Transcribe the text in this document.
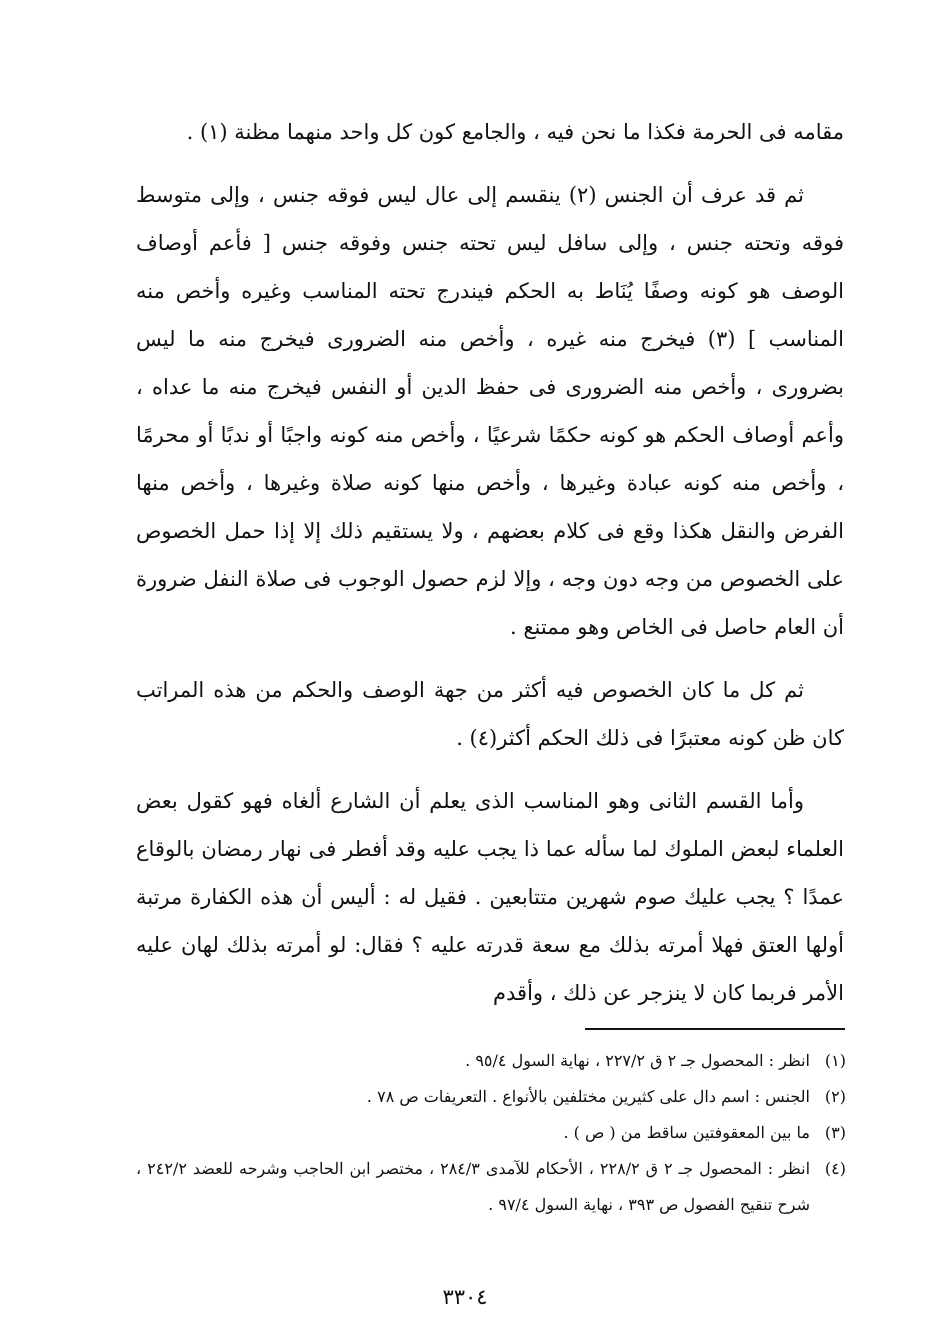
مقامه فى الحرمة فكذا ما نحن فيه ، والجامع كون كل واحد منهما مظنة (١) .

ثم قد عرف أن الجنس (٢) ينقسم إلى عال ليس فوقه جنس ، وإلى متوسط فوقه وتحته جنس ، وإلى سافل ليس تحته جنس وفوقه جنس [ فأعم أوصاف الوصف هو كونه وصفًا يُنَاط به الحكم فيندرج تحته المناسب وغيره وأخص منه المناسب ] (٣) فيخرج منه غيره ، وأخص منه الضرورى فيخرج منه ما ليس بضرورى ، وأخص منه الضرورى فى حفظ الدين أو النفس فيخرج منه ما عداه ، وأعم أوصاف الحكم هو كونه حكمًا شرعيًا ، وأخص منه كونه واجبًا أو ندبًا أو محرمًا ، وأخص منه كونه عبادة وغيرها ، وأخص منها كونه صلاة وغيرها ، وأخص منها الفرض والنقل هكذا وقع فى كلام بعضهم ، ولا يستقيم ذلك إلا إذا حمل الخصوص على الخصوص من وجه دون وجه ، وإلا لزم حصول الوجوب فى صلاة النفل ضرورة أن العام حاصل فى الخاص وهو ممتنع .

ثم كل ما كان الخصوص فيه أكثر من جهة الوصف والحكم من هذه المراتب كان ظن كونه معتبرًا فى ذلك الحكم أكثر(٤) .

وأما القسم الثانى وهو المناسب الذى يعلم أن الشارع ألغاه فهو كقول بعض العلماء لبعض الملوك لما سأله عما ذا يجب عليه وقد أفطر فى نهار رمضان بالوقاع عمدًا ؟ يجب عليك صوم شهرين متتابعين . فقيل له : أليس أن هذه الكفارة مرتبة أولها العتق فهلا أمرته بذلك مع سعة قدرته عليه ؟ فقال: لو أمرته بذلك لهان عليه الأمر فربما كان لا ينزجر عن ذلك ، وأقدم

(١)
انظر : المحصول جـ ٢ ق ٢٢٧/٢ ، نهاية السول ٩٥/٤ .
(٢)
الجنس : اسم دال على كثيرين مختلفين بالأنواع . التعريفات ص ٧٨ .
(٣)
ما بين المعقوفتين ساقط من ( ص ) .
(٤)
انظر : المحصول جـ ٢ ق ٢٢٨/٢ ، الأحكام للآمدى ٢٨٤/٣ ، مختصر ابن الحاجب وشرحه للعضد ٢٤٢/٢ ، شرح تنقيح الفصول ص ٣٩٣ ، نهاية السول ٩٧/٤ .
٣٣٠٤
